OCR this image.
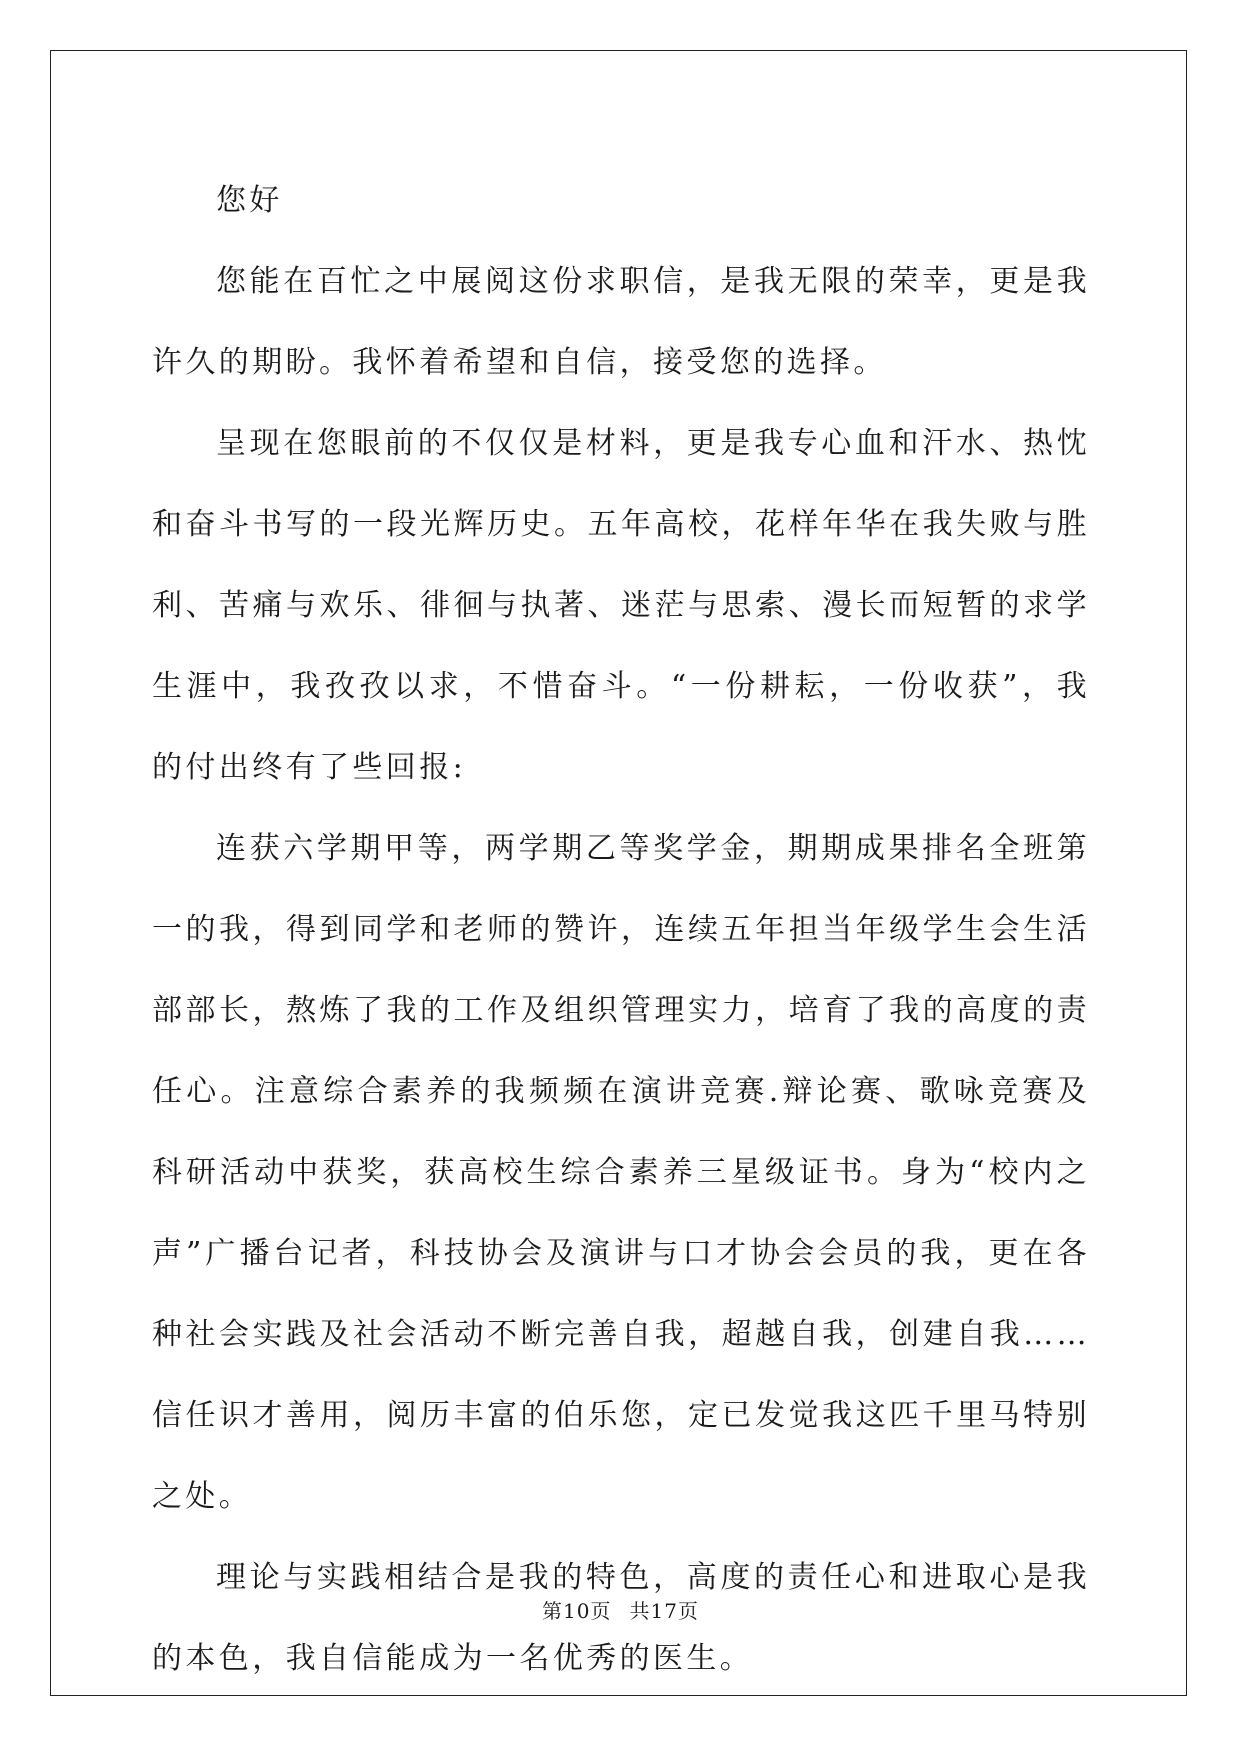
您好

您能在百忙之中展阅这份求职信，是我无限的荣幸，更是我许久的期盼。我怀着希望和自信，接受您的选择。

呈现在您眼前的不仅仅是材料，更是我专心血和汗水、热忱和奋斗书写的一段光辉历史。五年高校，花样年华在我失败与胜利、苦痛与欢乐、徘徊与执著、迷茫与思索、漫长而短暂的求学生涯中，我孜孜以求，不惜奋斗。“一份耕耘，一份收获”，我的付出终有了些回报:

连获六学期甲等，两学期乙等奖学金，期期成果排名全班第一的我，得到同学和老师的赞许，连续五年担当年级学生会生活部部长，熬炼了我的工作及组织管理实力，培育了我的高度的责任心。注意综合素养的我频频在演讲竞赛.辩论赛、歌咏竞赛及科研活动中获奖，获高校生综合素养三星级证书。身为“校内之声”广播台记者，科技协会及演讲与口才协会会员的我，更在各种社会实践及社会活动不断完善自我，超越自我，创建自我……信任识才善用，阅历丰富的伯乐您，定已发觉我这匹千里马特别之处。

理论与实践相结合是我的特色，高度的责任心和进取心是我的本色，我自信能成为一名优秀的医生。

第10页 共17页
